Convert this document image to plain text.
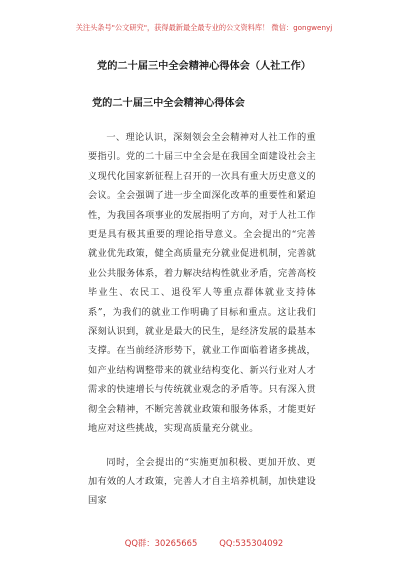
关注头条号"公文研究"，获得最新最全最专业的公文资料库！ 微信：gongwenyj
党的二十届三中全会精神心得体会（人社工作）
党的二十届三中全会精神心得体会

一、理论认识，深刻领会全会精神对人社工作的重要指引。党的二十届三中全会是在我国全面建设社会主义现代化国家新征程上召开的一次具有重大历史意义的会议。全会强调了进一步全面深化改革的重要性和紧迫性，为我国各项事业的发展指明了方向，对于人社工作更是具有极其重要的理论指导意义。全会提出的“完善就业优先政策，健全高质量充分就业促进机制，完善就业公共服务体系，着力解决结构性就业矛盾，完善高校毕业生、农民工、退役军人等重点群体就业支持体系”，为我们的就业工作明确了目标和重点。这让我们深刻认识到，就业是最大的民生，是经济发展的最基本支撑。在当前经济形势下，就业工作面临着诸多挑战，如产业结构调整带来的就业结构变化、新兴行业对人才需求的快速增长与传统就业观念的矛盾等。只有深入贯彻全会精神，不断完善就业政策和服务体系，才能更好地应对这些挑战，实现高质量充分就业。

同时，全会提出的“实施更加积极、更加开放、更加有效的人才政策，完善人才自主培养机制，加快建设国家

QQ群：30265665	QQ:535304092
